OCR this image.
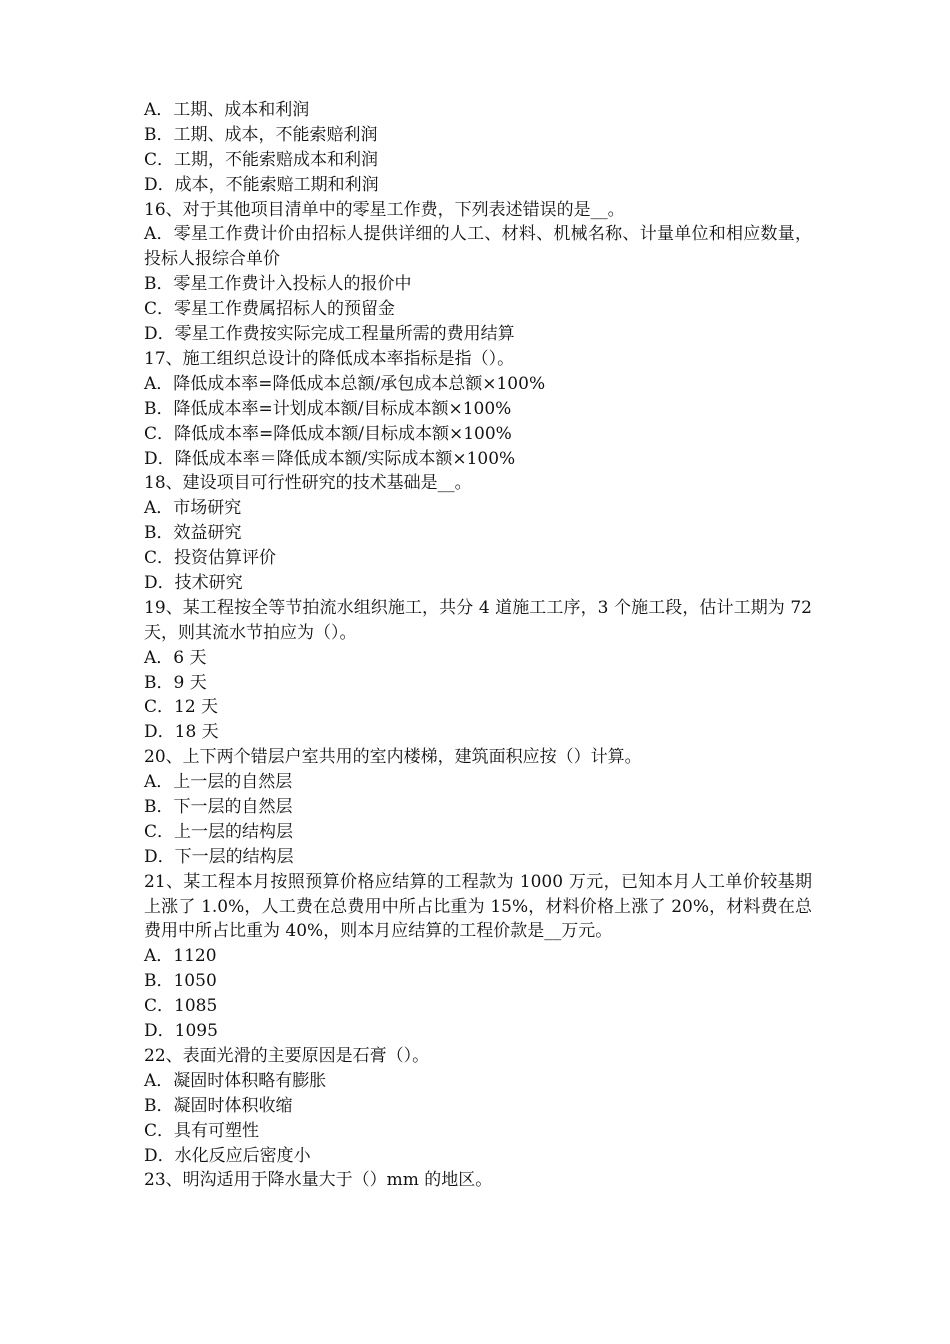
A．工期、成本和利润
B．工期、成本，不能索赔利润
C．工期，不能索赔成本和利润
D．成本，不能索赔工期和利润
16、对于其他项目清单中的零星工作费，下列表述错误的是__。
A．零星工作费计价由招标人提供详细的人工、材料、机械名称、计量单位和相应数量，投标人报综合单价
B．零星工作费计入投标人的报价中
C．零星工作费属招标人的预留金
D．零星工作费按实际完成工程量所需的费用结算
17、施工组织总设计的降低成本率指标是指（）。
A．降低成本率=降低成本总额/承包成本总额×100%
B．降低成本率=计划成本额/目标成本额×100%
C．降低成本率=降低成本额/目标成本额×100%
D．降低成本率＝降低成本额/实际成本额×100%
18、建设项目可行性研究的技术基础是__。
A．市场研究
B．效益研究
C．投资估算评价
D．技术研究
19、某工程按全等节拍流水组织施工，共分 4 道施工工序，3 个施工段，估计工期为 72 天，则其流水节拍应为（）。
A．6 天
B．9 天
C．12 天
D．18 天
20、上下两个错层户室共用的室内楼梯，建筑面积应按（）计算。
A．上一层的自然层
B．下一层的自然层
C．上一层的结构层
D．下一层的结构层
21、某工程本月按照预算价格应结算的工程款为 1000 万元，已知本月人工单价较基期上涨了 1.0%，人工费在总费用中所占比重为 15%，材料价格上涨了 20%，材料费在总费用中所占比重为 40%，则本月应结算的工程价款是__万元。
A．1120
B．1050
C．1085
D．1095
22、表面光滑的主要原因是石膏（）。
A．凝固时体积略有膨胀
B．凝固时体积收缩
C．具有可塑性
D．水化反应后密度小
23、明沟适用于降水量大于（）mm 的地区。
